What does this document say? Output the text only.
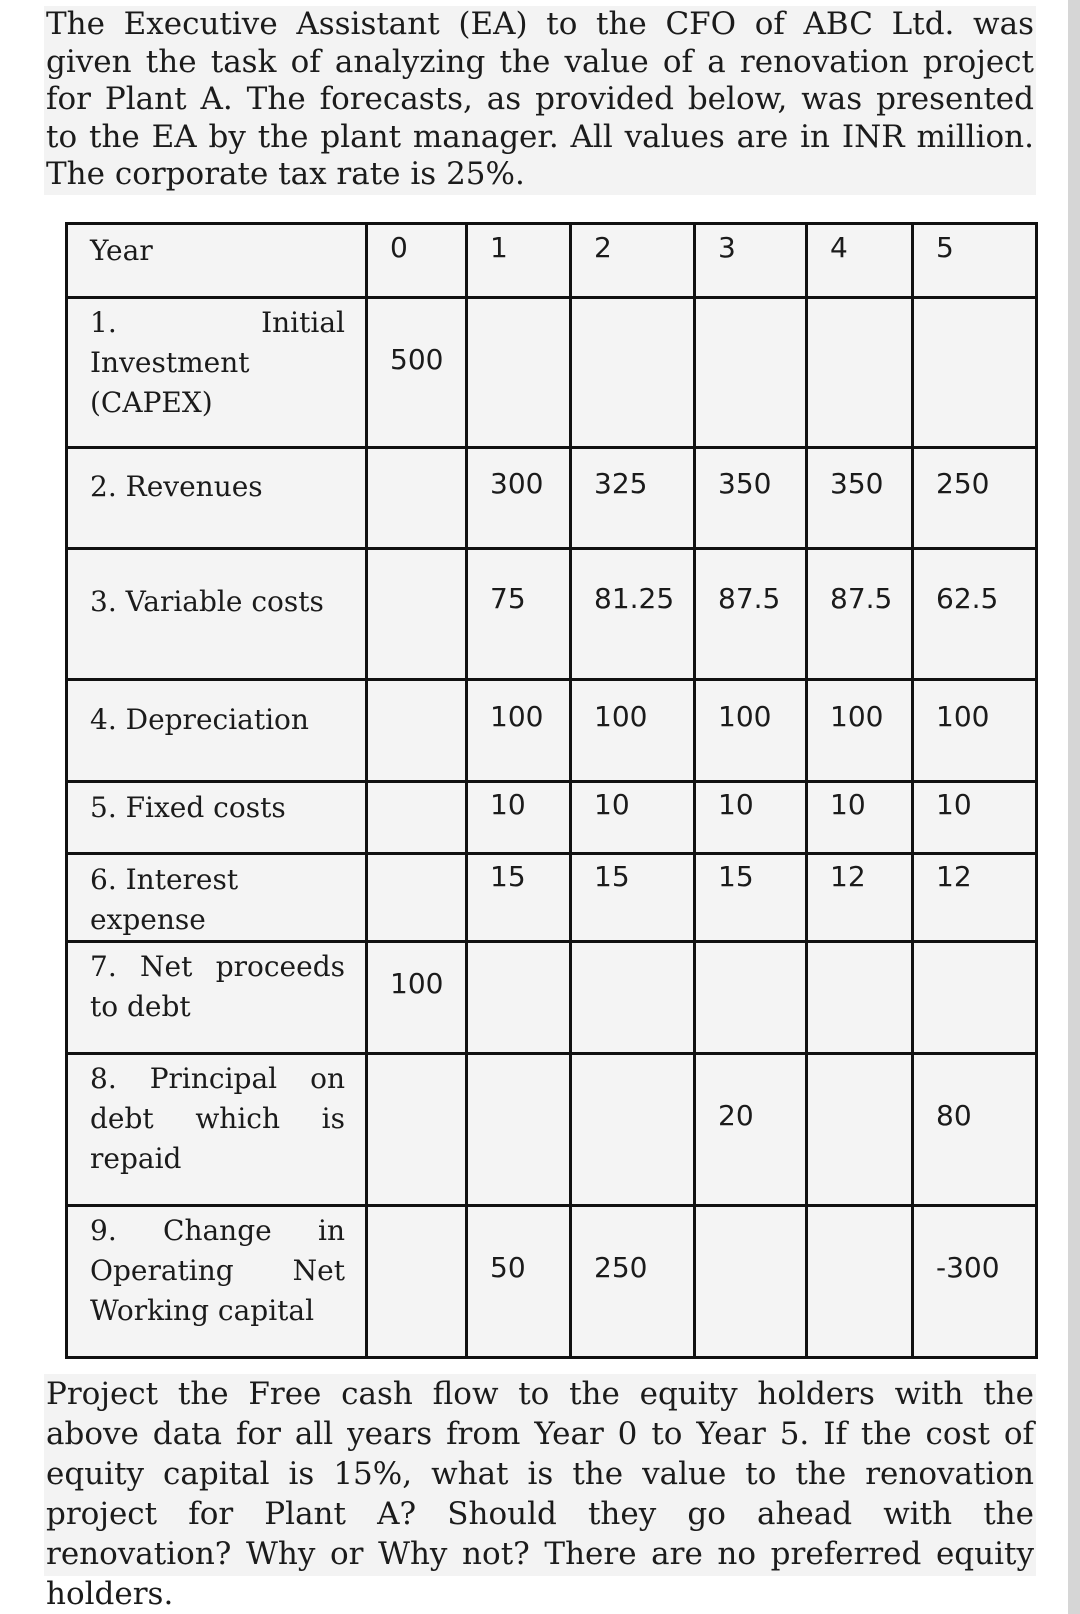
The Executive Assistant (EA) to the CFO of ABC Ltd. was given the task of analyzing the value of a renovation project for Plant A. The forecasts, as provided below, was presented to the EA by the plant manager. All values are in INR million. The corporate tax rate is 25%.

Year	0	1	2	3	4	5

1. Initial Investment (CAPEX)	500					

2. Revenues		300	325	350	350	250

3. Variable costs		75	81.25	87.5	87.5	62.5

4. Depreciation		100	100	100	100	100

5. Fixed costs		10	10	10	10	10

6. Interest expense		15	15	15	12	12

7. Net proceeds to debt	100					

8. Principal on debt which is repaid				20		80

9. Change in Operating Net Working capital		50	250			-300

Project the Free cash flow to the equity holders with the above data for all years from Year 0 to Year 5. If the cost of equity capital is 15%, what is the value to the renovation project for Plant A? Should they go ahead with the renovation? Why or Why not? There are no preferred equity holders.
